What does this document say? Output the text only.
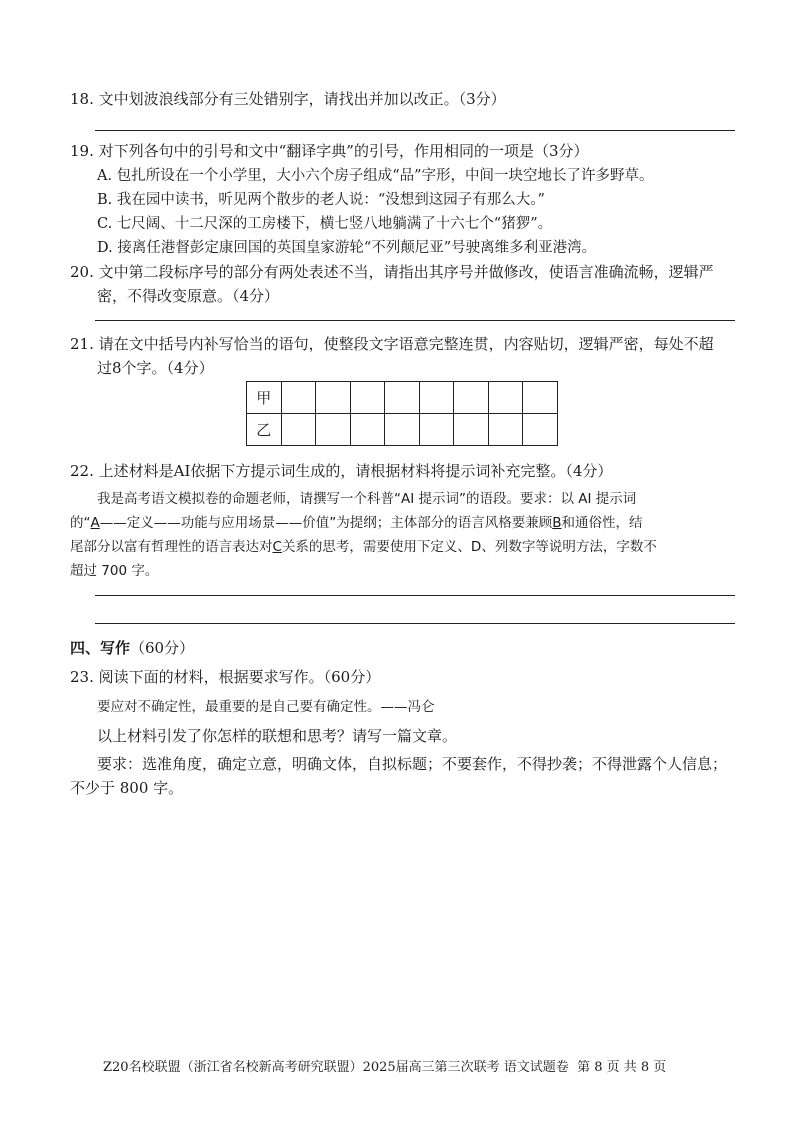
18. 文中划波浪线部分有三处错别字，请找出并加以改正。（3分）
19. 对下列各句中的引号和文中“翻译字典”的引号，作用相同的一项是（3分）
A. 包扎所设在一个小学里，大小六个房子组成“品”字形，中间一块空地长了许多野草。
B. 我在园中读书，听见两个散步的老人说：“没想到这园子有那么大。”
C. 七尺阔、十二尺深的工房楼下，横七竖八地躺满了十六七个“猪猡”。
D. 接离任港督彭定康回国的英国皇家游轮“不列颠尼亚”号驶离维多利亚港湾。
20. 文中第二段标序号的部分有两处表述不当，请指出其序号并做修改，使语言准确流畅，逻辑严
密，不得改变原意。（4分）
21. 请在文中括号内补写恰当的语句，使整段文字语意完整连贯，内容贴切，逻辑严密，每处不超
过8个字。（4分）
甲								
乙								
22. 上述材料是AI依据下方提示词生成的，请根据材料将提示词补充完整。（4分）
我是高考语文模拟卷的命题老师，请撰写一个科普“AI 提示词”的语段。要求：以 AI 提示词
的“A——定义——功能与应用场景——价值”为提纲；主体部分的语言风格要兼顾B和通俗性，结
尾部分以富有哲理性的语言表达对C关系的思考，需要使用下定义、D、列数字等说明方法，字数不
超过 700 字。
四、写作（60分）
23. 阅读下面的材料，根据要求写作。（60分）
要应对不确定性，最重要的是自己要有确定性。——冯仑
以上材料引发了你怎样的联想和思考？请写一篇文章。
要求：选准角度，确定立意，明确文体，自拟标题；不要套作，不得抄袭；不得泄露个人信息；
不少于 800 字。
Z20名校联盟（浙江省名校新高考研究联盟）2025届高三第三次联考 语文试题卷 第 8 页 共 8 页
